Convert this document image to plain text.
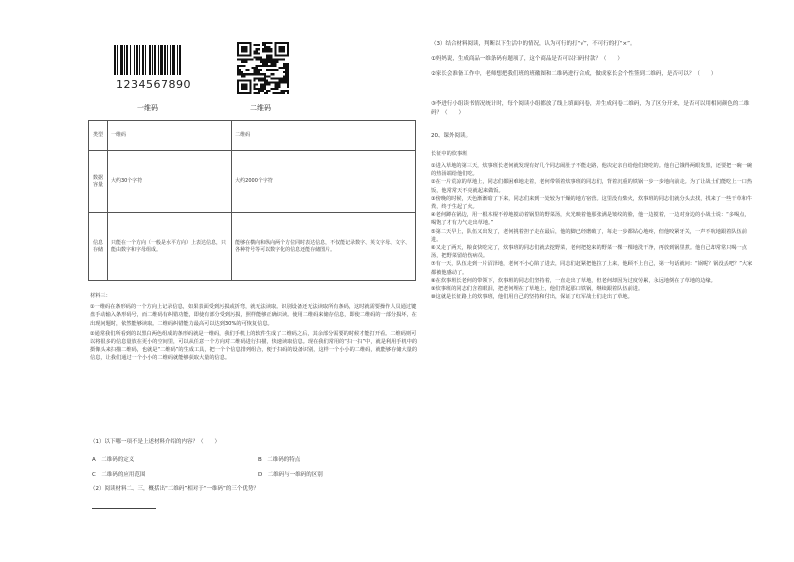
1234567890
一维码	二维码
类型	一维码	二维码
数据容量	大约30个字符	大约2000个字符
信息存储	只能在一个方向（一般是水平方向）上表达信息，只能由数字和字母组成。	能够在横向和纵向两个方位同时表达信息，不仅能记录数字、英文字母、文字、各种符号等可以数字化的信息还能存储图片。
材料三：
①一维码在条形码的一个方向上记录信息，如果表面受到污损或折弯，就无法读取。识别设备还无法读取所有条码，这时就需要操作人员通过键盘手动输入条形码号，而二维码有纠错功能，即使有部分受到污损，照样能够正确识读。使用二维码来储存信息，即使二维码的一部分损坏，在出现问题时，依然能够读取。二维码纠错能力最高可以达到30%的可恢复信息。
②通常我们所看到的以黑白两色组成的条形码就是一维码，我们手机上的软件生成了二维码之后，其余部分需要的时候才能打开看。二维码则可以将很多的信息量放在更小的空间里，可以从任意一个方向对二维码进行扫描，快速读取信息。现在我们常用的“扫一扫”中，就是利用手机中的摄像头来扫描二维码，也就是“二维码”的生成工具，把一个个信息排列组合，便于扫码的设备识别，这样一个小小的二维码，就能够存储大量的信息，让我们通过一个小小的二维码就能够获取大量的信息。
（1）以下哪一项不是上述材料介绍的内容？（　　）
A　二维码的定义	B　二维码的特点
C　二维码的应用范围	D　二维码与一维码的区别
（2）阅读材料二、三，概括出“二维码”相对于“一维码”的三个优势？
（3）结合材料阅读，判断以下生活中的情况，认为可行的打“√”，不可行的打“×”。
①妈妈说，生成商品一维条码有题项了，这个商品是否可以扫码付款？（　　）
②家长会准备工作中，老师想把我们班的班徽图和二维码进行合成，做成家长会个性签到二维码，是否可以？（　　）
③李进行小组读书情况统计时，每个阅读小组都放了线上填面问卷，并生成问卷二维码，为了区分开来，是否可以用相同颜色的二维码？（　　）
20、课外阅读。
长征中的炊事班
①进入草地的第三天，炊事班长老何就发现有好几个同志闹肚子不能走路，他决定亲自给他们烧吃的。他自己饿得两眼发黑，还要把一碗一碗的热汤端给他们吃。
②在一片荒凉的草地上，同志们都困难地走着，老何带领着炊事班的同志们，背着沉重的铁锅一步一步地向前走。为了让战士们能吃上一口热饭，他常常天不亮就起来做饭。
③傍晚的时候，天色渐渐暗了下来，同志们来到一处较为干燥的地方宿营。这里没有柴火，炊事班的同志们就分头去找，找来了一些干草和牛粪，终于生起了火。
④老何蹲在锅边，用一根木棍不停地搅动着锅里的野菜汤，火光映着他那张满是皱纹的脸，他一边搅着，一边对身边的小战士说：“多喝点，喝饱了才有力气走出草地。”
⑤第二天早上，队伍又出发了，老何挑着担子走在最后，他的脚已经磨破了，每走一步都钻心地疼，但他咬紧牙关，一声不吭地跟着队伍前进。
⑥又走了两天，粮食快吃完了，炊事班的同志们就去挖野菜，老何把挖来的野菜一棵一棵地洗干净，再放到锅里煮。他自己却常常只喝一点汤，把野菜留给伤病员。
⑦有一天，队伍走到一片沼泽地，老何不小心陷了进去，同志们赶紧把他拉了上来，他顾不上自己，第一句话就问：“锅呢？锅没丢吧？”大家都被他感动了。
⑧在炊事班长老何的带领下，炊事班的同志们坚持着，一直走出了草地，但老何却因为过度劳累，永远地倒在了草地的边缘。
⑨炊事班的同志们含着眼泪，把老何埋在了草地上，他们背起那口铁锅，继续跟着队伍前进。
⑩这就是长征路上的炊事班，他们用自己的坚持和付出，保证了红军战士们走出了草地。
